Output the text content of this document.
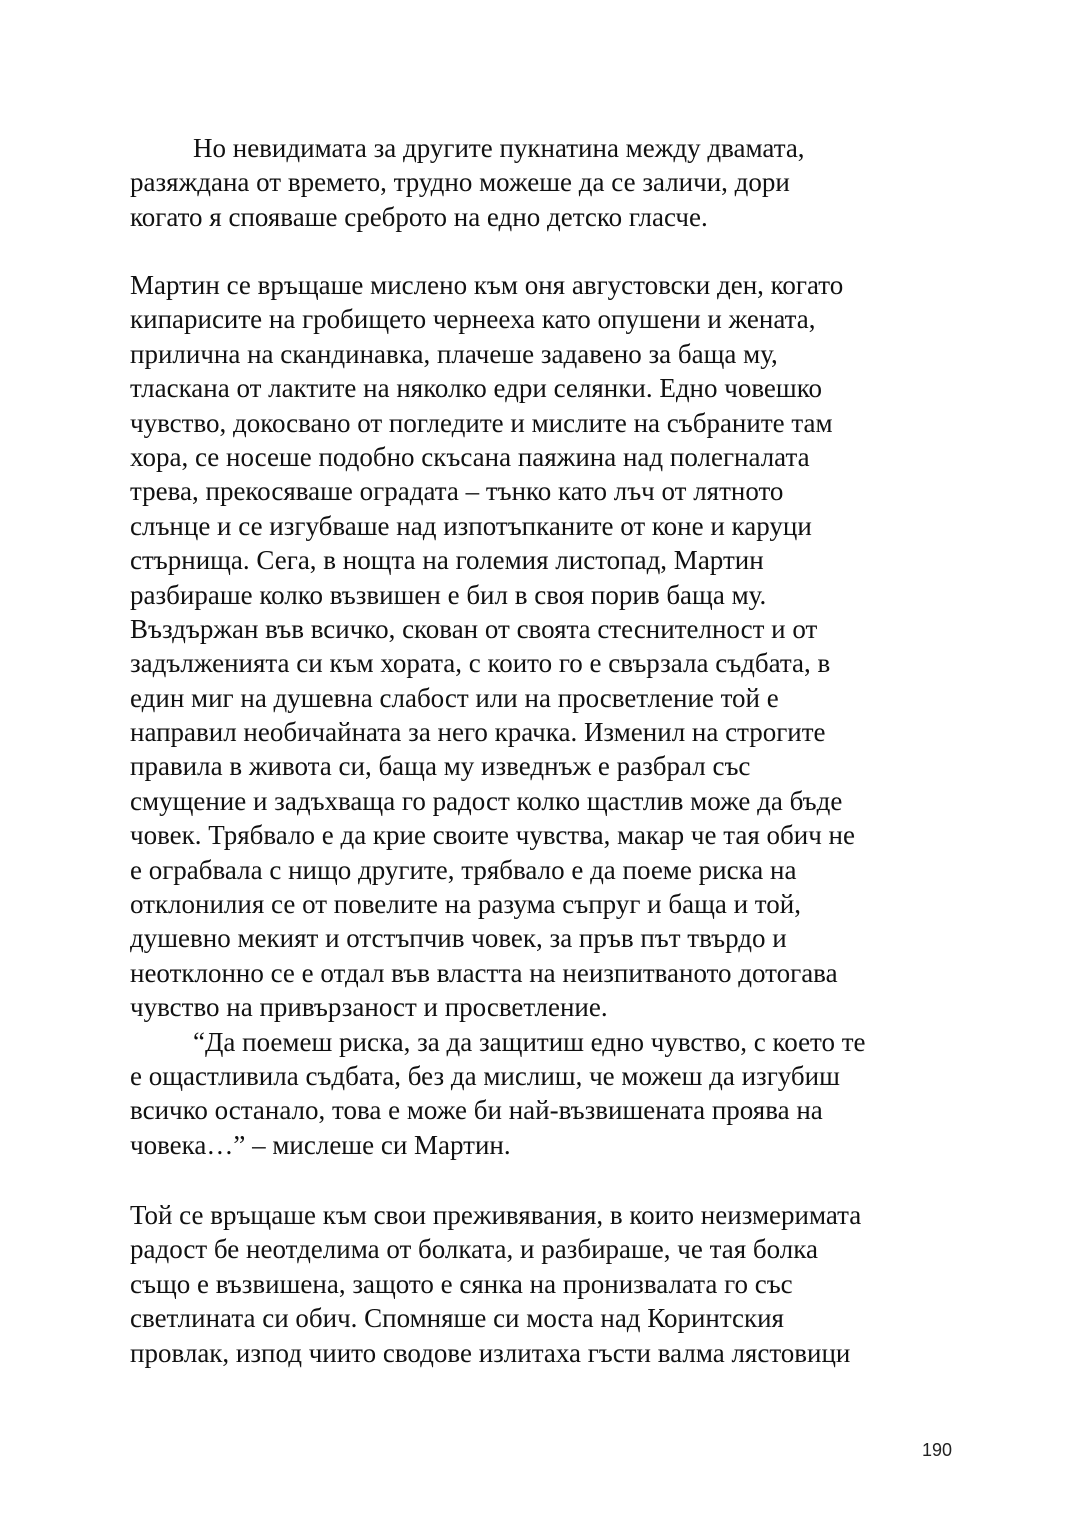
Но невидимата за другите пукнатина между двамата,
разяждана от времето, трудно можеше да се заличи, дори
когато я спояваше среброто на едно детско гласче.
Мартин се връщаше мислено към оня августовски ден, когато
кипарисите на гробището чернееха като опушени и жената,
прилична на скандинавка, плачеше задавено за баща му,
тласкана от лактите на няколко едри селянки. Едно човешко
чувство, докосвано от погледите и мислите на събраните там
хора, се носеше подобно скъсана паяжина над полегналата
трева, прекосяваше оградата – тънко като лъч от лятното
слънце и се изгубваше над изпотъпканите от коне и каруци
стърнища. Сега, в нощта на големия листопад, Мартин
разбираше колко възвишен е бил в своя порив баща му.
Въздържан във всичко, скован от своята стеснителност и от
задълженията си към хората, с които го е свързала съдбата, в
един миг на душевна слабост или на просветление той е
направил необичайната за него крачка. Изменил на строгите
правила в живота си, баща му изведнъж е разбрал със
смущение и задъхваща го радост колко щастлив може да бъде
човек. Трябвало е да крие своите чувства, макар че тая обич не
е ограбвала с нищо другите, трябвало е да поеме риска на
отклонилия се от повелите на разума съпруг и баща и той,
душевно мекият и отстъпчив човек, за пръв път твърдо и
неотклонно се е отдал във властта на неизпитваното дотогава
чувство на привързаност и просветление.
“Да поемеш риска, за да защитиш едно чувство, с което те
е ощастливила съдбата, без да мислиш, че можеш да изгубиш
всичко останало, това е може би най-възвишената проява на
човека…” – мислеше си Мартин.
Той се връщаше към свои преживявания, в които неизмеримата
радост бе неотделима от болката, и разбираше, че тая болка
също е възвишена, защото е сянка на пронизвалата го със
светлината си обич. Спомняше си моста над Коринтския
провлак, изпод чиито сводове излитаха гъсти валма лястовици
190
